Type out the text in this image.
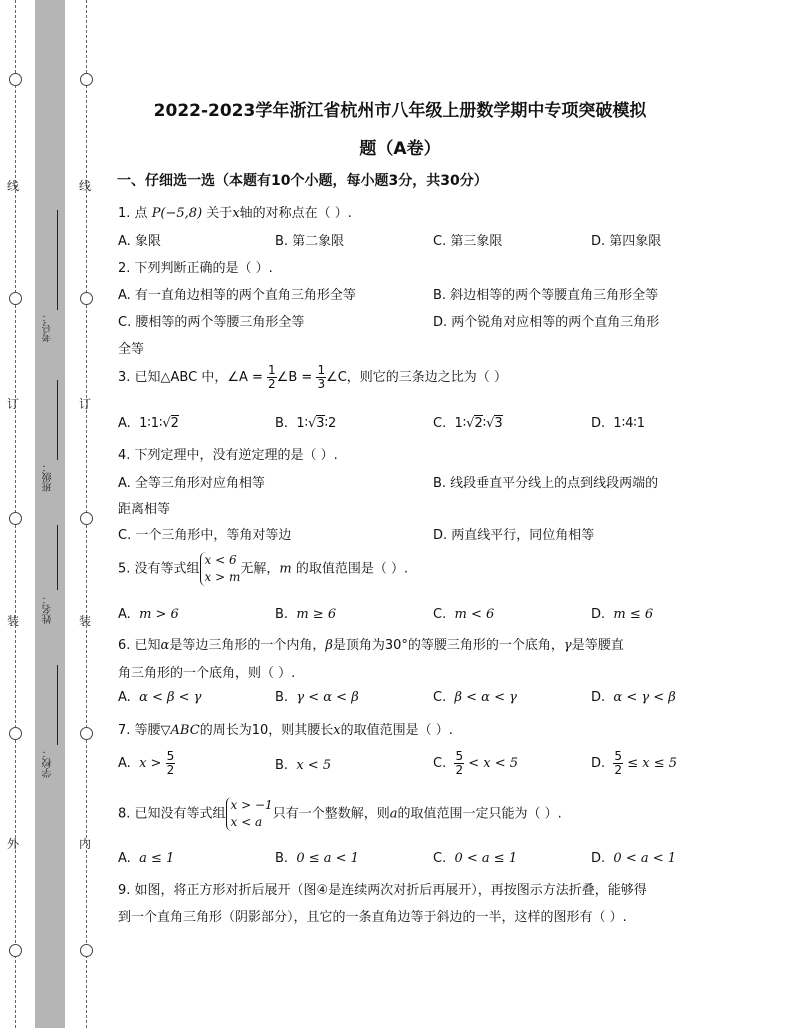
线
订
装
外
线
订
装
内
考号：
班级：
姓名：
学校：
2022-2023学年浙江省杭州市八年级上册数学期中专项突破模拟
题（A卷）
一、仔细选一选（本题有10个小题，每小题3分，共30分）
1. 点 P(−5,8) 关于x轴的对称点在（ ）.
A. 象限	B. 第二象限	C. 第三象限	D. 第四象限
2. 下列判断正确的是（ ）.
A. 有一直角边相等的两个直角三角形全等	B. 斜边相等的两个等腰直角三角形全等
C. 腰相等的两个等腰三角形全等	D. 两个锐角对应相等的两个直角三角形
全等
3. 已知△ABC 中，∠A = $\frac{1}{2}$ ∠B = $\frac{1}{3}$ ∠C，则它的三条边之比为（ ）
A. 1∶1∶√2	B. 1∶√3∶2	C. 1∶√2∶√3	D. 1∶4∶1
4. 下列定理中，没有逆定理的是（ ）.
A. 全等三角形对应角相等	B. 线段垂直平分线上的点到线段两端的
距离相等
C. 一个三角形中，等角对等边	D. 两直线平行，同位角相等
5. 没有等式组
x < 6
x > m
无解，m 的取值范围是（ ）.
A. m > 6	B. m ≥ 6	C. m < 6	D. m ≤ 6
6. 已知α是等边三角形的一个内角，β是顶角为30°的等腰三角形的一个底角，γ是等腰直
角三角形的一个底角，则（ ）.
A. α < β < γ	B. γ < α < β	C. β < α < γ	D. α < γ < β
7. 等腰▽ABC的周长为10，则其腰长x的取值范围是（ ）.
A. $x > \frac{5}{2}$	B. x < 5	C. $\frac{5}{2} < x < 5$	D. $\frac{5}{2} \le x \le 5$
8. 已知没有等式组
x > −1
x < a
只有一个整数解，则a的取值范围一定只能为（ ）.
A. a ≤ 1	B. 0 ≤ a < 1	C. 0 < a ≤ 1	D. 0 < a < 1
9. 如图，将正方形对折后展开（图④是连续两次对折后再展开），再按图示方法折叠，能够得
到一个直角三角形（阴影部分），且它的一条直角边等于斜边的一半，这样的图形有（ ）.
